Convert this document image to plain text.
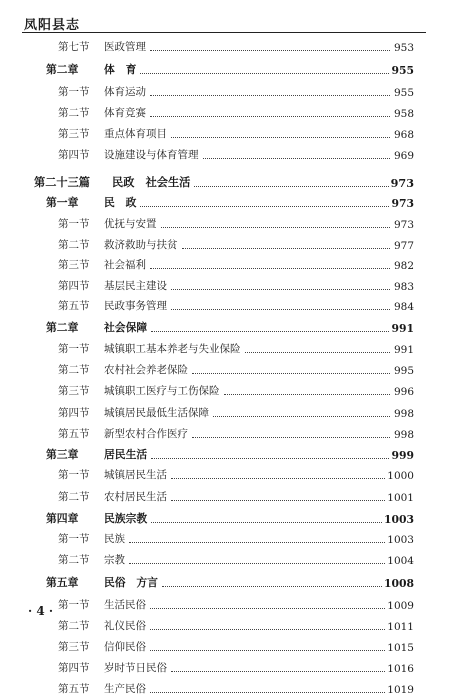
凤阳县志
第七节	医政管理	953
第二章	体　育	955
第一节	体育运动	955
第二节	体育竞赛	958
第三节	重点体育项目	968
第四节	设施建设与体育管理	969
第二十三篇	民政　社会生活	973
第一章	民　政	973
第一节	优抚与安置	973
第二节	救济救助与扶贫	977
第三节	社会福利	982
第四节	基层民主建设	983
第五节	民政事务管理	984
第二章	社会保障	991
第一节	城镇职工基本养老与失业保险	991
第二节	农村社会养老保险	995
第三节	城镇职工医疗与工伤保险	996
第四节	城镇居民最低生活保障	998
第五节	新型农村合作医疗	998
第三章	居民生活	999
第一节	城镇居民生活	1000
第二节	农村居民生活	1001
第四章	民族宗教	1003
第一节	民族	1003
第二节	宗教	1004
第五章	民俗　方言	1008
第一节	生活民俗	1009
第二节	礼仪民俗	1011
第三节	信仰民俗	1015
第四节	岁时节日民俗	1016
第五节	生产民俗	1019
· 4 ·
